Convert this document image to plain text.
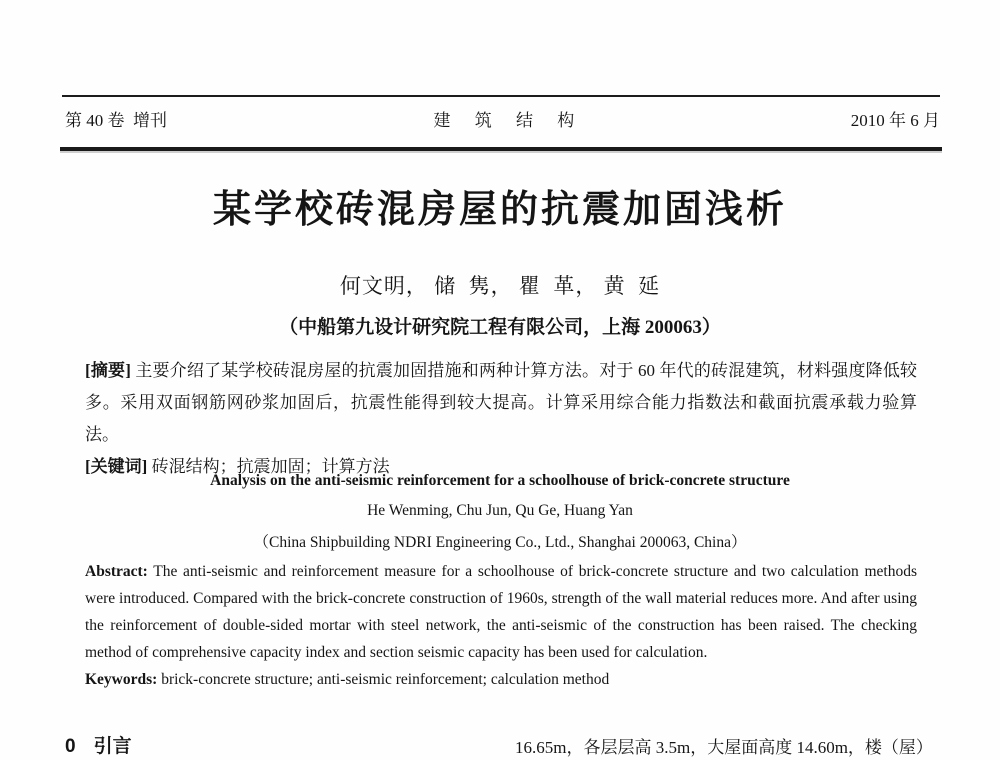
第 40 卷  增刊	建 筑 结 构	2010 年 6 月
某学校砖混房屋的抗震加固浅析
何文明， 储  隽， 瞿  革， 黄  延
（中船第九设计研究院工程有限公司，上海 200063）

[摘要] 主要介绍了某学校砖混房屋的抗震加固措施和两种计算方法。对于 60 年代的砖混建筑，材料强度降低较多。采用双面钢筋网砂浆加固后，抗震性能得到较大提高。计算采用综合能力指数法和截面抗震承载力验算法。

[关键词] 砖混结构；抗震加固；计算方法

Analysis on the anti-seismic reinforcement for a schoolhouse of brick-concrete structure
He Wenming, Chu Jun, Qu Ge, Huang Yan
（China Shipbuilding NDRI Engineering Co., Ltd., Shanghai 200063, China）

Abstract: The anti-seismic and reinforcement measure for a schoolhouse of brick-concrete structure and two calculation methods were introduced. Compared with the brick-concrete construction of 1960s, strength of the wall material reduces more. And after using the reinforcement of double-sided mortar with steel network, the anti-seismic of the construction has been raised. The checking method of comprehensive capacity index and section seismic capacity has been used for calculation.

Keywords: brick-concrete structure; anti-seismic reinforcement; calculation method

0 引言	16.65m，各层层高 3.5m，大屋面高度 14.60m，楼（屋）
